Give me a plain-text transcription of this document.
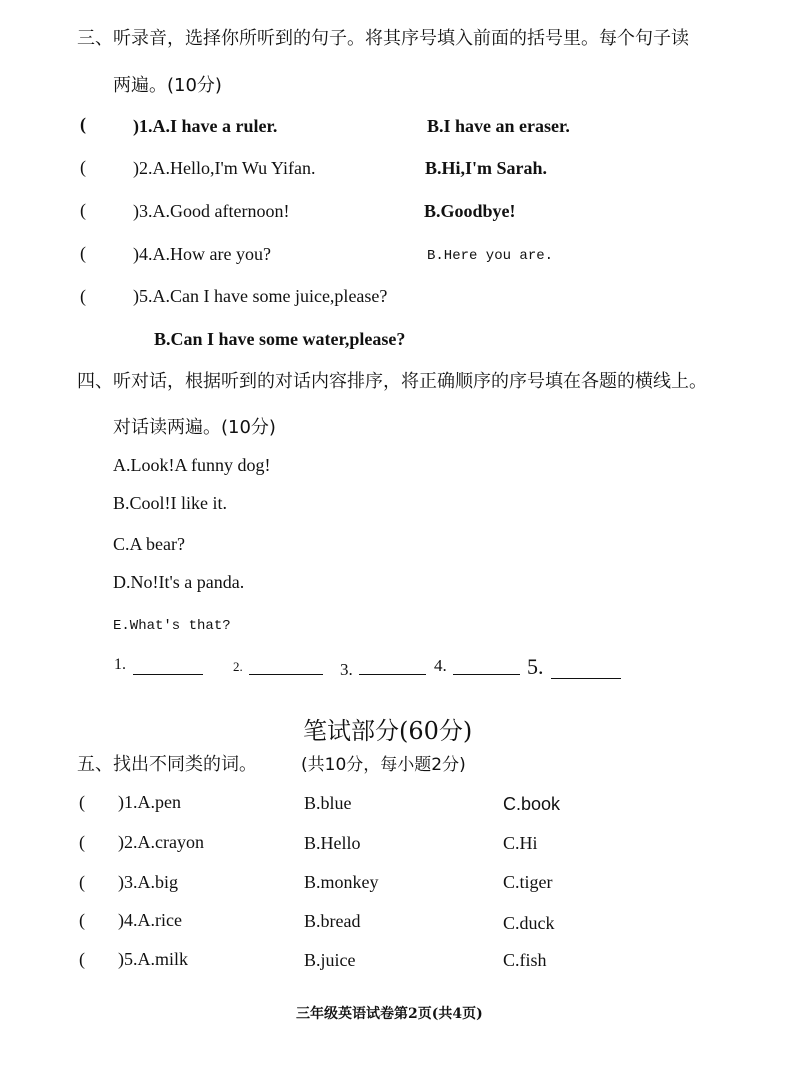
三、听录音，选择你所听到的句子。将其序号填入前面的括号里。每个句子读
两遍。(10分)
(	)1.A.I have a ruler.	B.I have an eraser.
(	)2.A.Hello,I'm Wu Yifan.	B.Hi,I'm Sarah.
(	)3.A.Good afternoon!	B.Goodbye!
(	)4.A.How are you?	B.Here you are.
(	)5.A.Can I have some juice,please?
B.Can I have some water,please?
四、听对话，根据听到的对话内容排序，将正确顺序的序号填在各题的横线上。
对话读两遍。(10分)
A.Look!A funny dog!
B.Cool!I like it.
C.A bear?
D.No!It's a panda.
E.What's that?
1.	2.	3.	4.	5.
笔试部分(60分)
五、找出不同类的词。	(共10分，每小题2分)
( )1.A.pen	B.blue	C.book
( )2.A.crayon	B.Hello	C.Hi
( )3.A.big	B.monkey	C.tiger
( )4.A.rice	B.bread	C.duck
( )5.A.milk	B.juice	C.fish
三年级英语试卷第2页(共4页)
